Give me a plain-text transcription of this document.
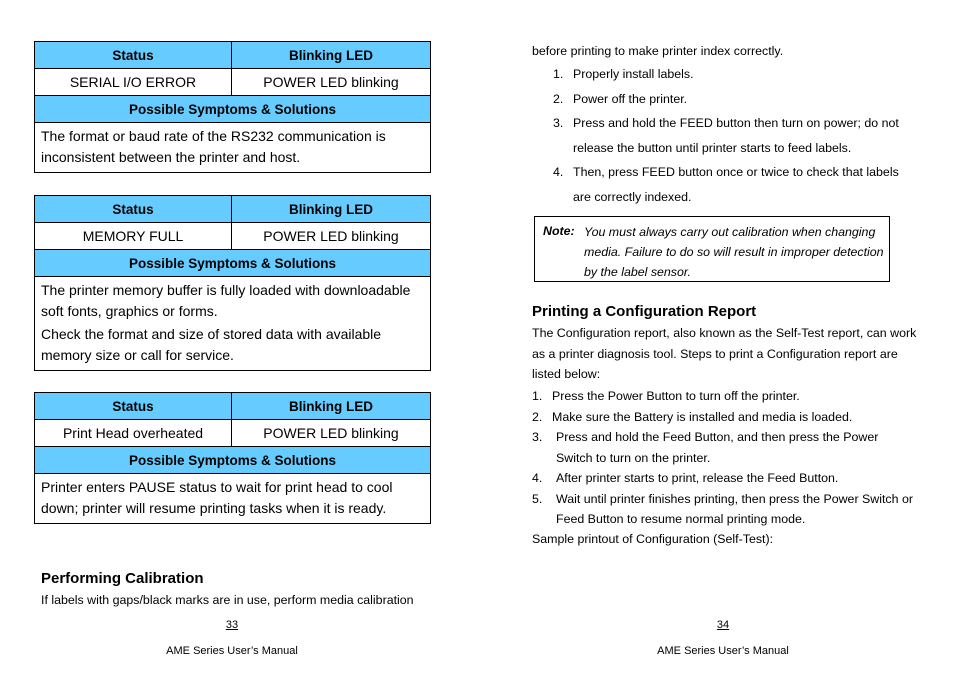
Status	Blinking LED
SERIAL I/O ERROR	POWER LED blinking
Possible Symptoms & Solutions	

The format or baud rate of the RS232 communication is inconsistent between the printer and host.	

Status	Blinking LED
MEMORY FULL	POWER LED blinking
Possible Symptoms & Solutions	

The printer memory buffer is fully loaded with downloadable soft fonts, graphics or forms.

Check the format and size of stored data with available memory size or call for service.	

Status	Blinking LED
Print Head overheated	POWER LED blinking
Possible Symptoms & Solutions	

Printer enters PAUSE status to wait for print head to cool down; printer will resume printing tasks when it is ready.	

Performing Calibration
If labels with gaps/black marks are in use, perform media calibration
33
AME Series User’s Manual
before printing to make printer index correctly.
1. Properly install labels.
2. Power off the printer.
3. Press and hold the FEED button then turn on power; do not release the button until printer starts to feed labels.
4. Then, press FEED button once or twice to check that labels are correctly indexed.
Note: You must always carry out calibration when changing media. Failure to do so will result in improper detection by the label sensor.
Printing a Configuration Report
The Configuration report, also known as the Self-Test report, can work as a printer diagnosis tool. Steps to print a Configuration report are listed below:
1. Press the Power Button to turn off the printer.
2. Make sure the Battery is installed and media is loaded.
3. Press and hold the Feed Button, and then press the Power Switch to turn on the printer.
4. After printer starts to print, release the Feed Button.
5. Wait until printer finishes printing, then press the Power Switch or Feed Button to resume normal printing mode.
Sample printout of Configuration (Self-Test):
34
AME Series User’s Manual
